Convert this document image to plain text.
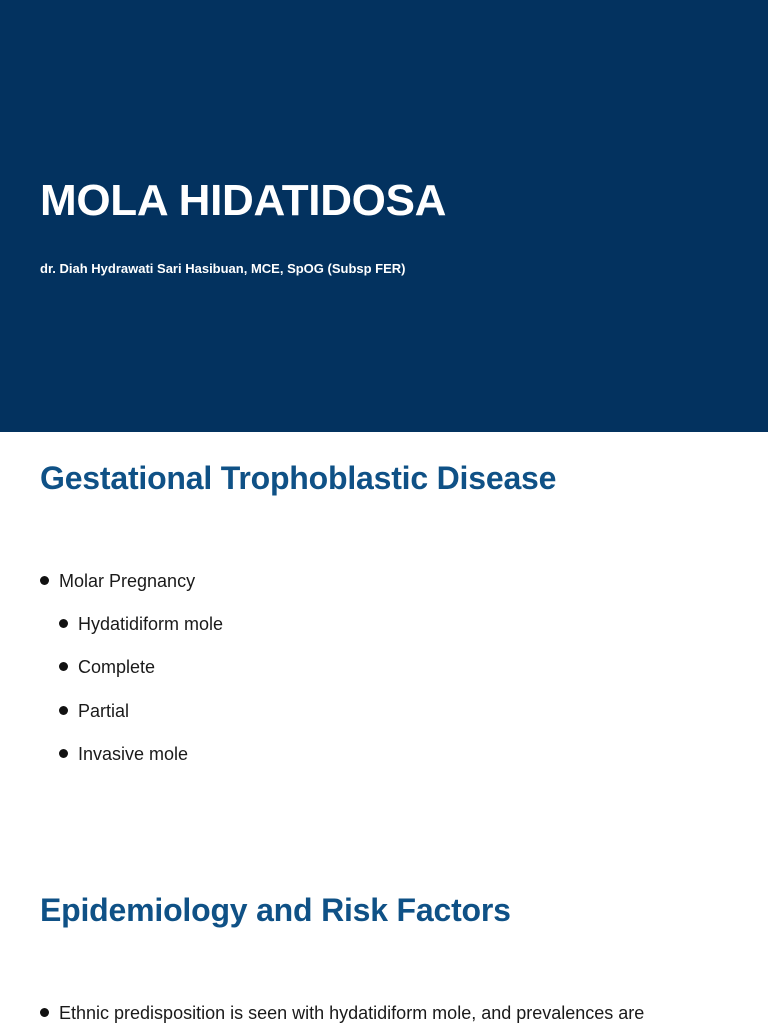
MOLA HIDATIDOSA

dr. Diah Hydrawati Sari Hasibuan, MCE, SpOG (Subsp FER)

Gestational Trophoblastic Disease
Molar Pregnancy
Hydatidiform mole
Complete
Partial
Invasive mole
Epidemiology and Risk Factors
Ethnic predisposition is seen with hydatidiform mole, and prevalences are
